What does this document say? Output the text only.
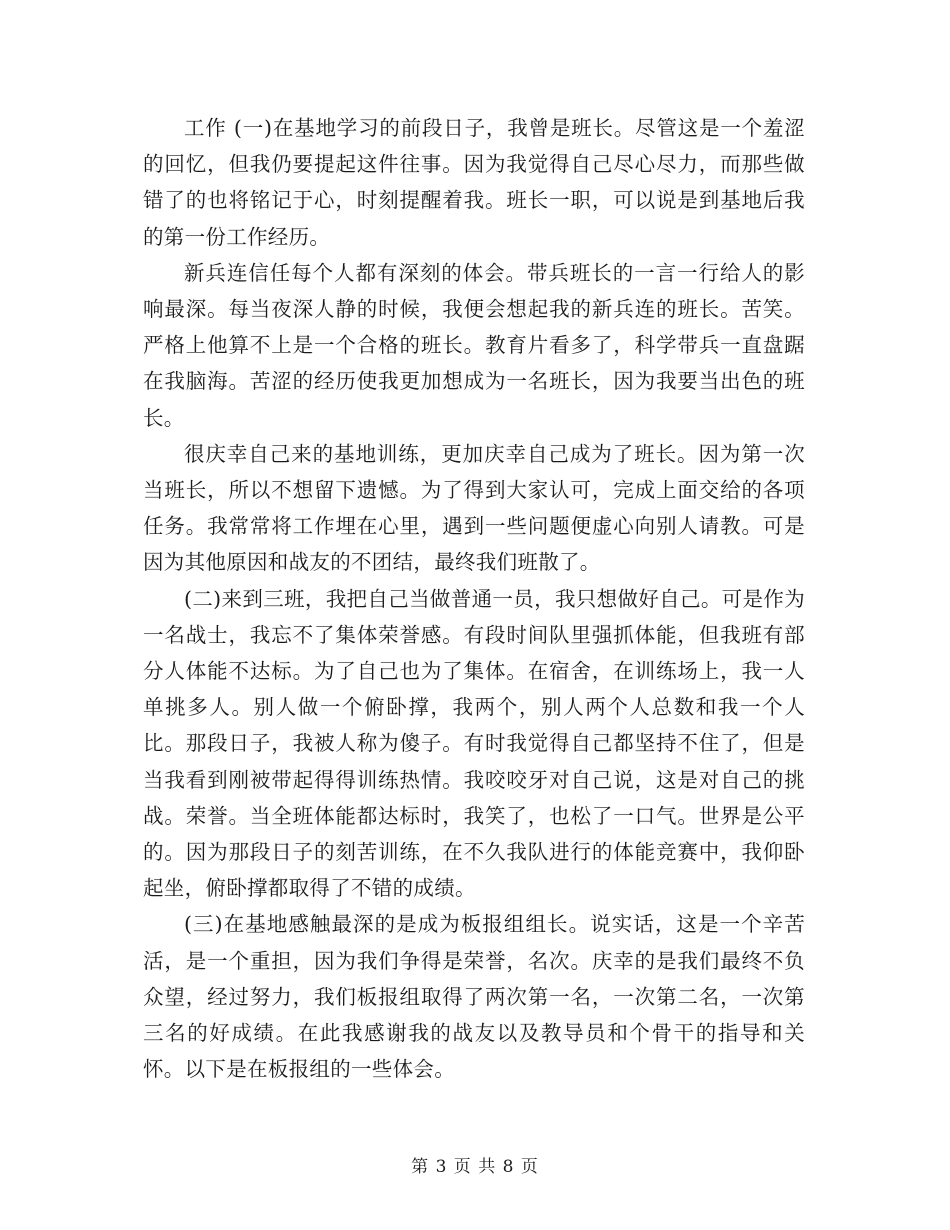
工作 (一)在基地学习的前段日子，我曾是班长。尽管这是一个羞涩的回忆，但我仍要提起这件往事。因为我觉得自己尽心尽力，而那些做错了的也将铭记于心，时刻提醒着我。班长一职，可以说是到基地后我的第一份工作经历。

新兵连信任每个人都有深刻的体会。带兵班长的一言一行给人的影响最深。每当夜深人静的时候，我便会想起我的新兵连的班长。苦笑。严格上他算不上是一个合格的班长。教育片看多了，科学带兵一直盘踞在我脑海。苦涩的经历使我更加想成为一名班长，因为我要当出色的班长。

很庆幸自己来的基地训练，更加庆幸自己成为了班长。因为第一次当班长，所以不想留下遗憾。为了得到大家认可，完成上面交给的各项任务。我常常将工作埋在心里，遇到一些问题便虚心向别人请教。可是因为其他原因和战友的不团结，最终我们班散了。

(二)来到三班，我把自己当做普通一员，我只想做好自己。可是作为一名战士，我忘不了集体荣誉感。有段时间队里强抓体能，但我班有部分人体能不达标。为了自己也为了集体。在宿舍，在训练场上，我一人单挑多人。别人做一个俯卧撑，我两个，别人两个人总数和我一个人比。那段日子，我被人称为傻子。有时我觉得自己都坚持不住了，但是当我看到刚被带起得得训练热情。我咬咬牙对自己说，这是对自己的挑战。荣誉。当全班体能都达标时，我笑了，也松了一口气。世界是公平的。因为那段日子的刻苦训练，在不久我队进行的体能竞赛中，我仰卧起坐，俯卧撑都取得了不错的成绩。

(三)在基地感触最深的是成为板报组组长。说实话，这是一个辛苦活，是一个重担，因为我们争得是荣誉，名次。庆幸的是我们最终不负众望，经过努力，我们板报组取得了两次第一名，一次第二名，一次第三名的好成绩。在此我感谢我的战友以及教导员和个骨干的指导和关怀。以下是在板报组的一些体会。

第 3 页 共 8 页
